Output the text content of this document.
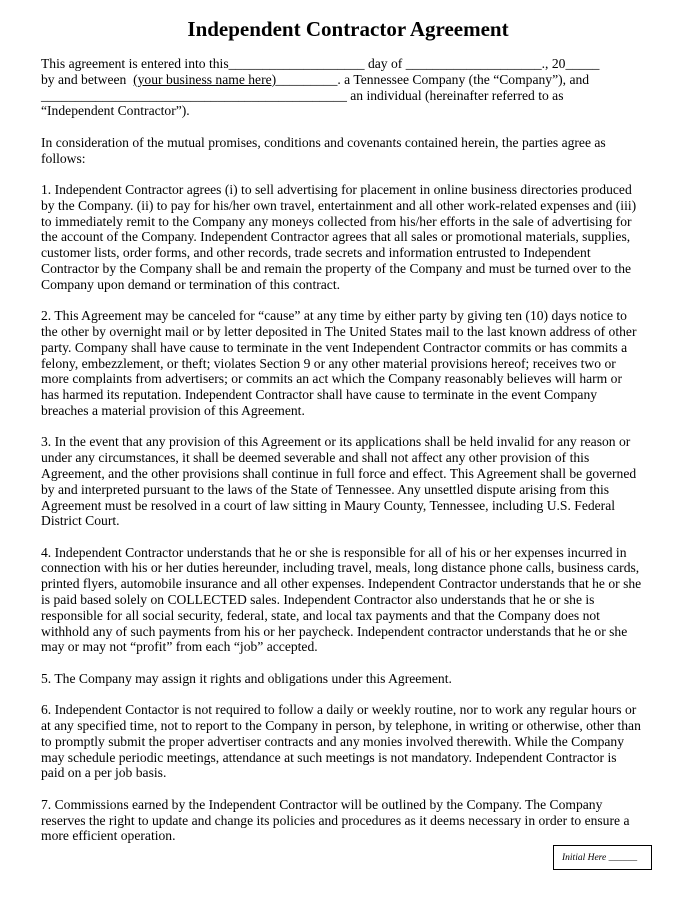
Independent Contractor Agreement
This agreement is entered into this____________________ day of ____________________., 20_____
by and between  (your business name here)_________. a Tennessee Company (the “Company”), and
_____________________________________________ an individual (hereinafter referred to as
“Independent Contractor”).
In consideration of the mutual promises, conditions and covenants contained herein, the parties agree as follows:
1. Independent Contractor agrees (i) to sell advertising for placement in online business directories produced by the Company. (ii) to pay for his/her own travel, entertainment and all other work-related expenses and (iii) to immediately remit to the Company any moneys collected from his/her efforts in the sale of advertising for the account of the Company. Independent Contractor agrees that all sales or promotional materials, supplies, customer lists, order forms, and other records, trade secrets and information entrusted to Independent Contractor by the Company shall be and remain the property of the Company and must be turned over to the Company upon demand or termination of this contract.
2. This Agreement may be canceled for “cause” at any time by either party by giving ten (10) days notice to the other by overnight mail or by letter deposited in The United States mail to the last known address of other party. Company shall have cause to terminate in the vent Independent Contractor commits or has commits a felony, embezzlement, or theft; violates Section 9 or any other material provisions hereof; receives two or more complaints from advertisers; or commits an act which the Company reasonably believes will harm or has harmed its reputation. Independent Contractor shall have cause to terminate in the event Company breaches a material provision of this Agreement.
3. In the event that any provision of this Agreement or its applications shall be held invalid for any reason or under any circumstances, it shall be deemed severable and shall not affect any other provision of this Agreement, and the other provisions shall continue in full force and effect. This Agreement shall be governed by and interpreted pursuant to the laws of the State of Tennessee. Any unsettled dispute arising from this Agreement must be resolved in a court of law sitting in Maury County, Tennessee, including U.S. Federal District Court.
4. Independent Contractor understands that he or she is responsible for all of his or her expenses incurred in connection with his or her duties hereunder, including travel, meals, long distance phone calls, business cards, printed flyers, automobile insurance and all other expenses. Independent Contractor understands that he or she is paid based solely on COLLECTED sales. Independent Contractor also understands that he or she is responsible for all social security, federal, state, and local tax payments and that the Company does not withhold any of such payments from his or her paycheck. Independent contractor understands that he or she may or may not “profit” from each “job” accepted.
5. The Company may assign it rights and obligations under this Agreement.
6. Independent Contactor is not required to follow a daily or weekly routine, nor to work any regular hours or at any specified time, not to report to the Company in person, by telephone, in writing or otherwise, other than to promptly submit the proper advertiser contracts and any monies involved therewith. While the Company may schedule periodic meetings, attendance at such meetings is not mandatory. Independent Contractor is paid on a per job basis.
7. Commissions earned by the Independent Contractor will be outlined by the Company. The Company reserves the right to update and change its policies and procedures as it deems necessary in order to ensure a more efficient operation.
Initial Here ______
